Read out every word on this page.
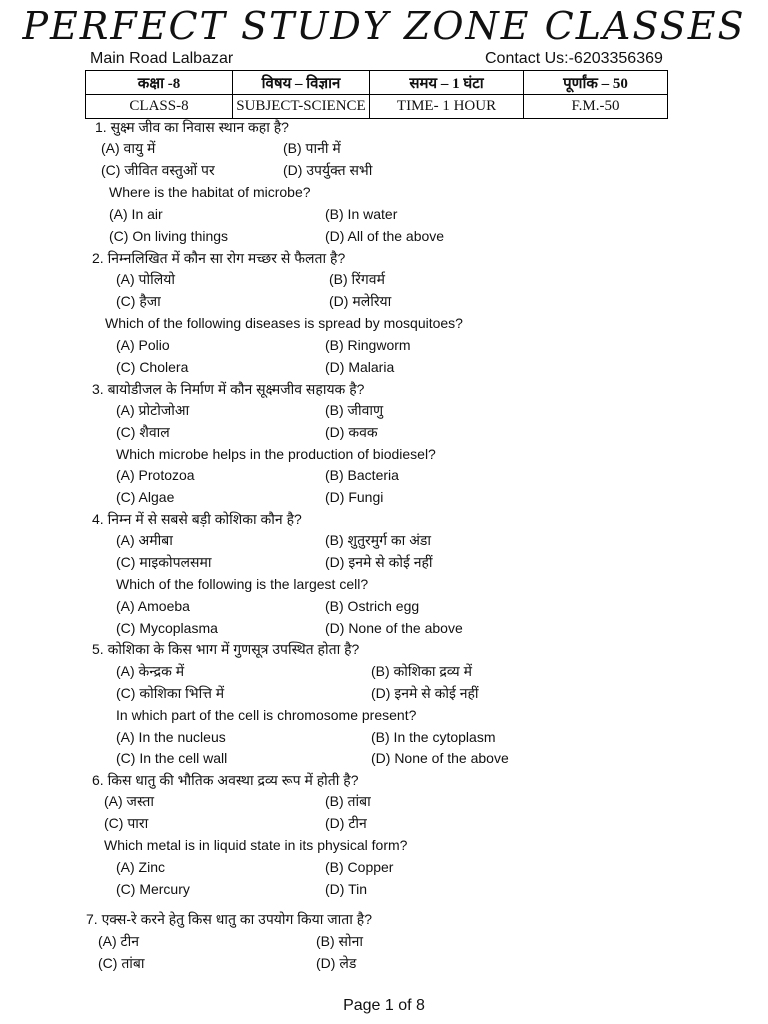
PERFECT STUDY ZONE CLASSES
Main Road Lalbazar	Contact Us:-6203356369
कक्षा -8	विषय – विज्ञान	समय – 1 घंटा	पूर्णांक – 50
CLASS-8	SUBJECT-SCIENCE	TIME- 1 HOUR	F.M.-50
1. सुक्ष्म जीव का निवास स्थान कहा है?
(A) वायु में	(B) पानी में
(C) जीवित वस्तुओं पर	(D) उपर्युक्त सभी
Where is the habitat of microbe?
(A) In air	(B) In water
(C) On living things	(D) All of the above
2. निम्नलिखित में कौन सा रोग मच्छर से फैलता है?
(A) पोलियो	(B) रिंगवर्म
(C) हैजा	(D) मलेरिया
Which of the following diseases is spread by mosquitoes?
(A) Polio	(B) Ringworm
(C) Cholera	(D) Malaria
3. बायोडीजल के निर्माण में कौन सूक्ष्मजीव सहायक है?
(A) प्रोटोजोआ	(B) जीवाणु
(C) शैवाल	(D) कवक
Which microbe helps in the production of biodiesel?
(A) Protozoa	(B) Bacteria
(C) Algae	(D) Fungi
4. निम्न में से सबसे बड़ी कोशिका कौन है?
(A) अमीबा	(B) शुतुरमुर्ग का अंडा
(C) माइकोपलसमा	(D) इनमे से कोई नहीं
Which of the following is the largest cell?
(A) Amoeba	(B) Ostrich egg
(C) Mycoplasma	(D) None of the above
5. कोशिका के किस भाग में गुणसूत्र उपस्थित होता है?
(A) केन्द्रक में	(B) कोशिका द्रव्य में
(C) कोशिका भित्ति में	(D) इनमे से कोई नहीं
In which part of the cell is chromosome present?
(A) In the nucleus	(B) In the cytoplasm
(C) In the cell wall	(D) None of the above
6. किस धातु की भौतिक अवस्था द्रव्य रूप में होती है?
(A) जस्ता	(B) तांबा
(C) पारा	(D) टीन
Which metal is in liquid state in its physical form?
(A) Zinc	(B) Copper
(C) Mercury	(D) Tin
7. एक्स-रे करने हेतु किस धातु का उपयोग किया जाता है?
(A) टीन	(B) सोना
(C) तांबा	(D) लेड
Page 1 of 8
